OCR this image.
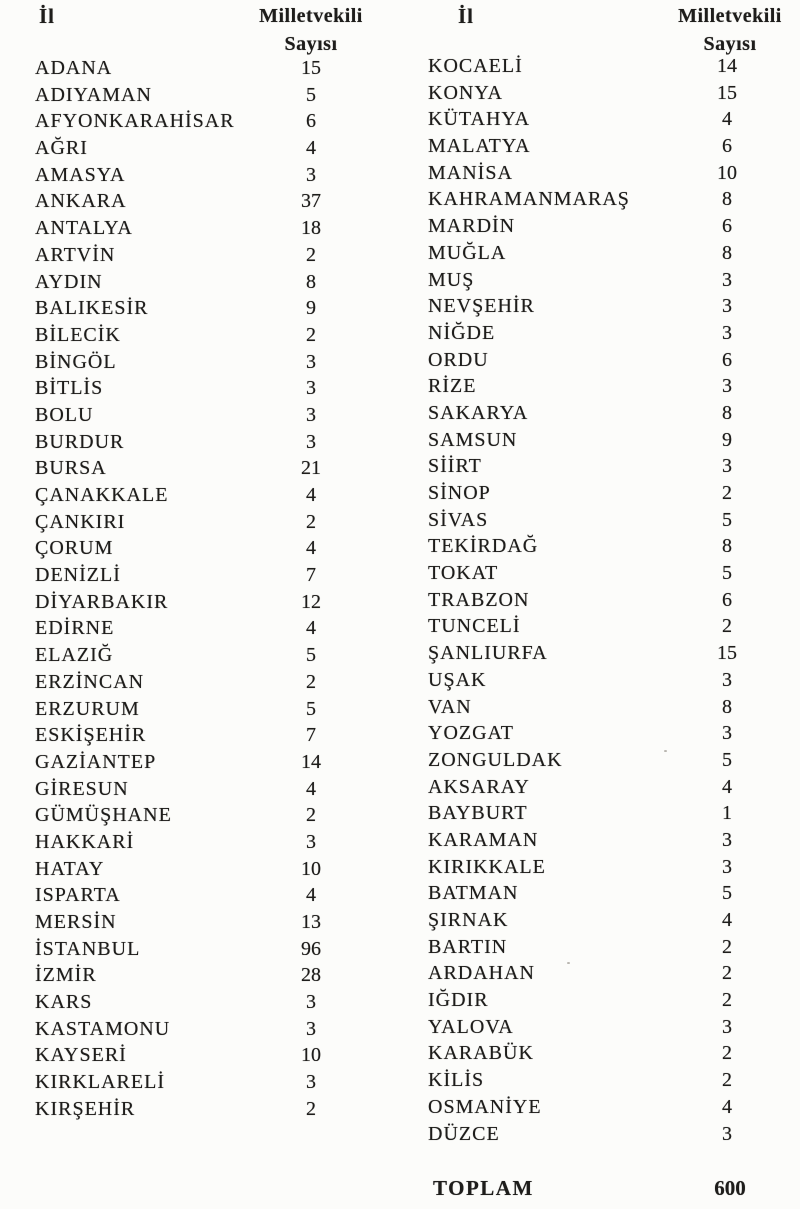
İl	Milletvekili
Sayısı
ADANA	15
ADIYAMAN	5
AFYONKARAHİSAR	6
AĞRI	4
AMASYA	3
ANKARA	37
ANTALYA	18
ARTVİN	2
AYDIN	8
BALIKESİR	9
BİLECİK	2
BİNGÖL	3
BİTLİS	3
BOLU	3
BURDUR	3
BURSA	21
ÇANAKKALE	4
ÇANKIRI	2
ÇORUM	4
DENİZLİ	7
DİYARBAKIR	12
EDİRNE	4
ELAZIĞ	5
ERZİNCAN	2
ERZURUM	5
ESKİŞEHİR	7
GAZİANTEP	14
GİRESUN	4
GÜMÜŞHANE	2
HAKKARİ	3
HATAY	10
ISPARTA	4
MERSİN	13
İSTANBUL	96
İZMİR	28
KARS	3
KASTAMONU	3
KAYSERİ	10
KIRKLARELİ	3
KIRŞEHİR	2
İl	Milletvekili
Sayısı
KOCAELİ	14
KONYA	15
KÜTAHYA	4
MALATYA	6
MANİSA	10
KAHRAMANMARAŞ	8
MARDİN	6
MUĞLA	8
MUŞ	3
NEVŞEHİR	3
NİĞDE	3
ORDU	6
RİZE	3
SAKARYA	8
SAMSUN	9
SİİRT	3
SİNOP	2
SİVAS	5
TEKİRDAĞ	8
TOKAT	5
TRABZON	6
TUNCELİ	2
ŞANLIURFA	15
UŞAK	3
VAN	8
YOZGAT	3
ZONGULDAK	5
AKSARAY	4
BAYBURT	1
KARAMAN	3
KIRIKKALE	3
BATMAN	5
ŞIRNAK	4
BARTIN	2
ARDAHAN	2
IĞDIR	2
YALOVA	3
KARABÜK	2
KİLİS	2
OSMANİYE	4
DÜZCE	3
TOPLAM	600
